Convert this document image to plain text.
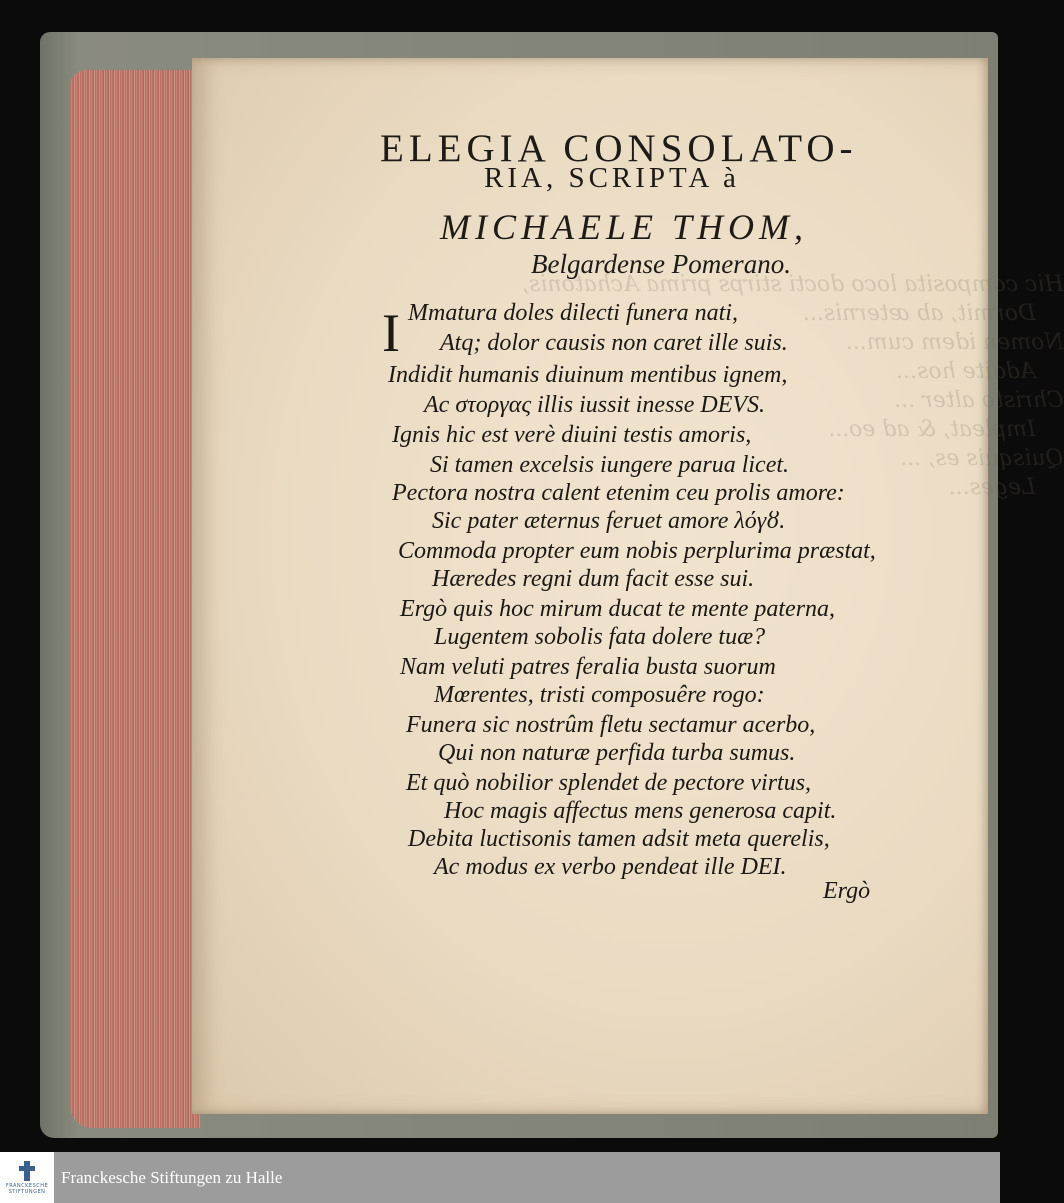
Hic composita loco docti stirps prima Achatonis,
Dormit, ab æternis...
Nomen idem cum...
Addite hos...
Christo alter ...
Impleat, & ad eo...
Quisquis es, ...
Leges...
ELEGIA CONSOLATO-
RIA, SCRIPTA à
MICHAELE THOM,
Belgardense Pomerano.
I Mmatura doles dilecti funera nati,
Atq; dolor causis non caret ille suis.
Indidit humanis diuinum mentibus ignem,
Ac στοργας illis iussit inesse DEVS.
Ignis hic est verè diuini testis amoris,
Si tamen excelsis iungere parua licet.
Pectora nostra calent etenim ceu prolis amore:
Sic pater æternus feruet amore λόγȣ.
Commoda propter eum nobis perplurima præstat,
Hæredes regni dum facit esse sui.
Ergò quis hoc mirum ducat te mente paterna,
Lugentem sobolis fata dolere tuæ?
Nam veluti patres feralia busta suorum
Mœrentes, tristi composuêre rogo:
Funera sic nostrûm fletu sectamur acerbo,
Qui non naturæ perfida turba sumus.
Et quò nobilior splendet de pectore virtus,
Hoc magis affectus mens generosa capit.
Debita luctisonis tamen adsit meta querelis,
Ac modus ex verbo pendeat ille DEI.
Ergò
FRANCKESCHE
STIFTUNGEN
Franckesche Stiftungen zu Halle
